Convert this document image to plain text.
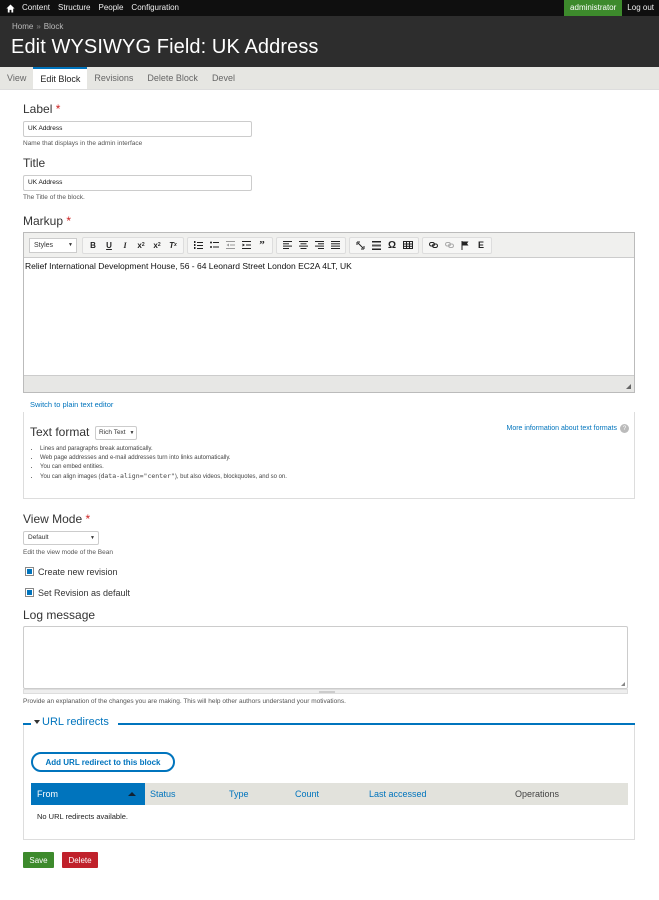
Content	Structure	People	Configuration	administrator	Log out
Home » Block
Edit WYSIWYG Field: UK Address
View	Edit Block	Revisions	Delete Block	Devel
Label *
UK Address
Name that displays in the admin interface
Title
UK Address
The Title of the block.
Markup *
Styles	▼	B	U	I	x 2	x 2	T x	”	Ω	E
Relief International Development House, 56 - 64 Leonard Street London EC2A 4LT, UK
Switch to plain text editor
Text format	Rich Text ▼
More information about text formats ?
• Lines and paragraphs break automatically.
• Web page addresses and e-mail addresses turn into links automatically.
• You can embed entities.
• You can align images (data-align="center"), but also videos, blockquotes, and so on.
View Mode *
Default	▼
Edit the view mode of the Bean
Create new revision
Set Revision as default
Log message
Provide an explanation of the changes you are making. This will help other authors understand your motivations.
URL redirects
Add URL redirect to this block
From	Status	Type	Count	Last accessed	Operations
No URL redirects available.
Save	Delete
